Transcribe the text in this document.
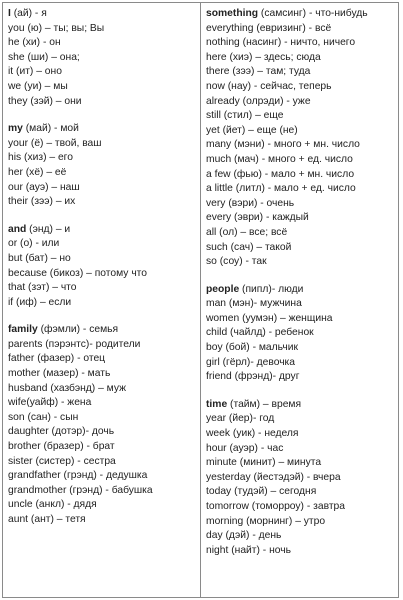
I (ай) - я
you (ю) – ты; вы; Вы
he (хи) - он
she (ши) – она;
it (ит) – оно
we (уи) – мы
they (зэй) – они
my (май) - мой
your (ё) – твой, ваш
his (хиз) – его
her (хё) – её
our (ауэ) – наш
their (зээ) – их
and (энд) – и
or (о) - или
but (бат) – но
because (бикоз) – потому что
that (зэт) – что
if (иф) – если
family (фэмли) - семья
parents (пэрэнтс)- родители
father (фазер) - отец
mother (мазер) - мать
husband (хазбэнд) – муж
wife(уайф) - жена
son (сан) - сын
daughter (дотэр)- дочь
brother (бразер) - брат
sister (систер) - сестра
grandfather (грэнд) - дедушка
grandmother (грэнд) - бабушка
uncle (анкл) - дядя
aunt (ант) – тетя
something (самсинг) - что-нибудь
everything (евризинг) - всё
nothing (насинг) - ничто, ничего
here (хиэ) – здесь; сюда
there (зээ) – там; туда
now (нау) - сейчас, теперь
already (олрэди) - уже
still (стил) – еще
yet (йет) – еще (не)
many (мэни) - много + мн. число
much (мач) - много + ед. число
a few (фью) - мало + мн. число
a little (литл) - мало + ед. число
very (вэри) - очень
every (эври) - каждый
all (ол) – все; всё
such (сач) – такой
so (соу) - так
people (пипл)- люди
man (мэн)- мужчина
women (уумэн) – женщина
child (чайлд) - ребенок
boy (бой) - мальчик
girl (гёрл)- девочка
friend (фрэнд)- друг
time (тайм) – время
year (йер)- год
week (уик) - неделя
hour (ауэр) - час
minute (минит) – минута
yesterday (йестэдэй) - вчера
today (тудэй) – сегодня
tomorrow (томорроу) - завтра
morning (морнинг) – утро
day (дэй) - день
night (найт) - ночь
